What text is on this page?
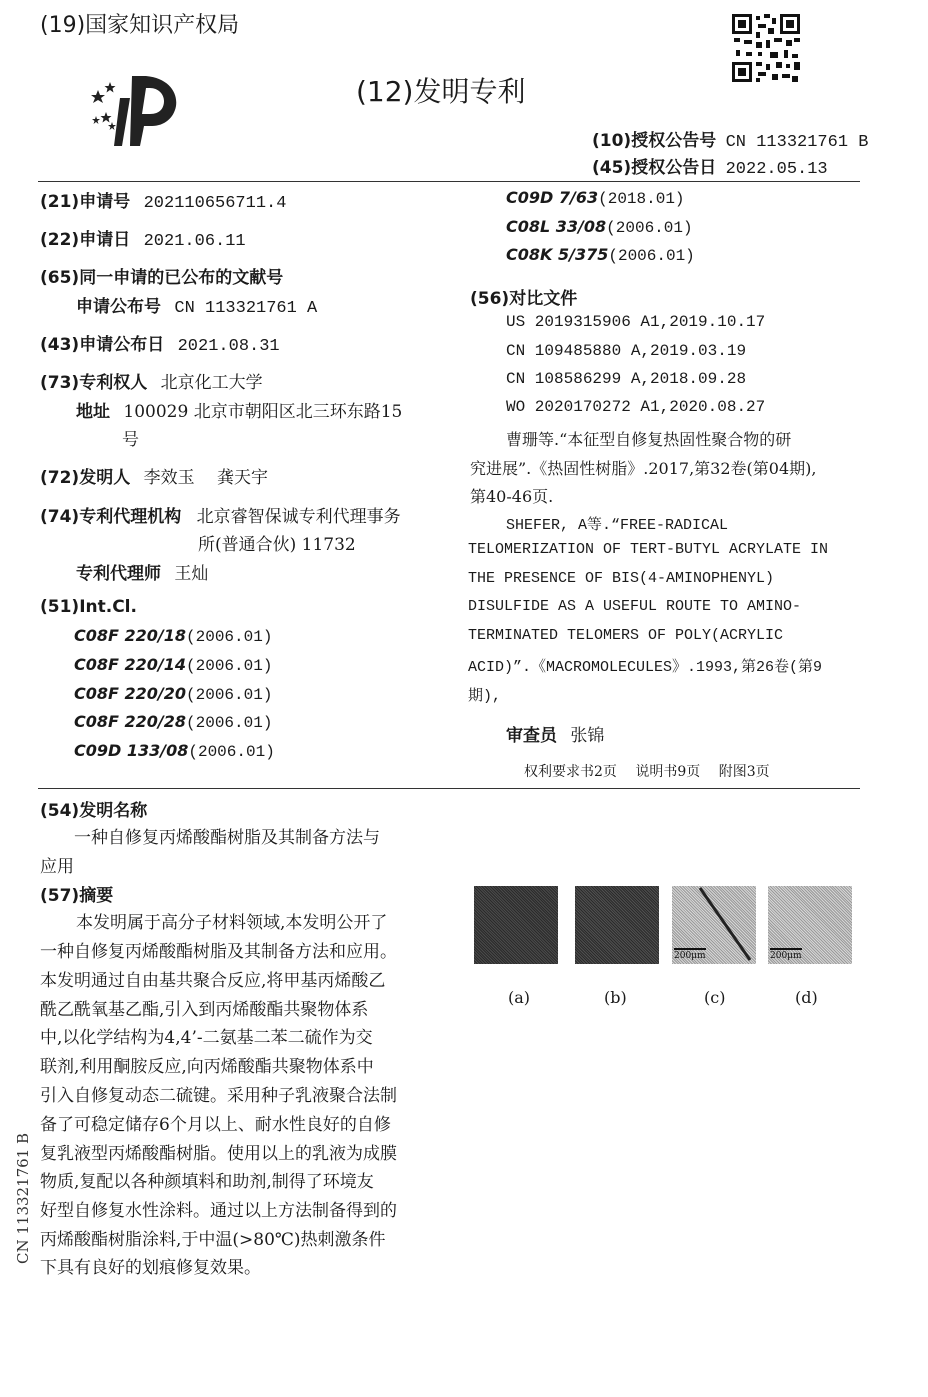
(19)国家知识产权局
(12)发明专利
(10)授权公告号 CN 113321761 B
(45)授权公告日 2022.05.13
(21)申请号 202110656711.4
(22)申请日 2021.06.11
(65)同一申请的已公布的文献号
申请公布号 CN 113321761 A
(43)申请公布日 2021.08.31
(73)专利权人 北京化工大学
地址 100029 北京市朝阳区北三环东路15
号
(72)发明人 李效玉　 龚天宇
(74)专利代理机构 北京睿智保诚专利代理事务
所(普通合伙) 11732
专利代理师 王灿
(51)Int.Cl.
C08F 220/18(2006.01)
C08F 220/14(2006.01)
C08F 220/20(2006.01)
C08F 220/28(2006.01)
C09D 133/08(2006.01)
C09D 7/63(2018.01)
C08L 33/08(2006.01)
C08K 5/375(2006.01)
(56)对比文件
US 2019315906 A1,2019.10.17
CN 109485880 A,2019.03.19
CN 108586299 A,2018.09.28
WO 2020170272 A1,2020.08.27
曹珊等.“本征型自修复热固性聚合物的研
究进展”.《热固性树脂》.2017,第32卷(第04期),
第40-46页.
SHEFER, A等.“FREE-RADICAL
TELOMERIZATION OF TERT-BUTYL ACRYLATE IN
THE PRESENCE OF BIS(4-AMINOPHENYL)
DISULFIDE AS A USEFUL ROUTE TO AMINO-
TERMINATED TELOMERS OF POLY(ACRYLIC
ACID)”.《MACROMOLECULES》.1993,第26卷(第9
期),
审查员 张锦
权利要求书2页　 说明书9页　 附图3页
(54)发明名称
一种自修复丙烯酸酯树脂及其制备方法与
应用
(57)摘要
本发明属于高分子材料领域,本发明公开了
一种自修复丙烯酸酯树脂及其制备方法和应用。
本发明通过自由基共聚合反应,将甲基丙烯酸乙
酰乙酰氧基乙酯,引入到丙烯酸酯共聚物体系
中,以化学结构为4,4’-二氨基二苯二硫作为交
联剂,利用酮胺反应,向丙烯酸酯共聚物体系中
引入自修复动态二硫键。采用种子乳液聚合法制
备了可稳定储存6个月以上、耐水性良好的自修
复乳液型丙烯酸酯树脂。使用以上的乳液为成膜
物质,复配以各种颜填料和助剂,制得了环境友
好型自修复水性涂料。通过以上方法制备得到的
丙烯酸酯树脂涂料,于中温(>80℃)热刺激条件
下具有良好的划痕修复效果。
CN 113321761 B
200μm	200μm
(a)	(b)	(c)	(d)
